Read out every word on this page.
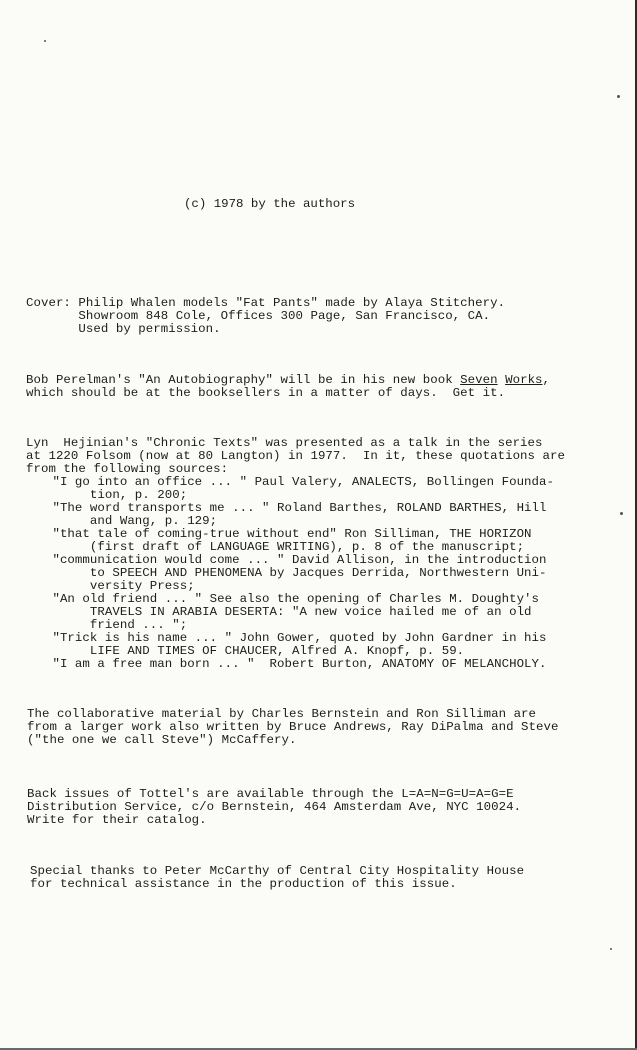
(c) 1978 by the authors
Cover: Philip Whalen models "Fat Pants" made by Alaya Stitchery.
Showroom 848 Cole, Offices 300 Page, San Francisco, CA.
Used by permission.
Bob Perelman's "An Autobiography" will be in his new book Seven Works,
which should be at the booksellers in a matter of days.  Get it.
Lyn  Hejinian's "Chronic Texts" was presented as a talk in the series
at 1220 Folsom (now at 80 Langton) in 1977.  In it, these quotations are
from the following sources:
"I go into an office ... " Paul Valery, ANALECTS, Bollingen Founda-
tion, p. 200;
"The word transports me ... " Roland Barthes, ROLAND BARTHES, Hill
and Wang, p. 129;
"that tale of coming-true without end" Ron Silliman, THE HORIZON
(first draft of LANGUAGE WRITING), p. 8 of the manuscript;
"communication would come ... " David Allison, in the introduction
to SPEECH AND PHENOMENA by Jacques Derrida, Northwestern Uni-
versity Press;
"An old friend ... " See also the opening of Charles M. Doughty's
TRAVELS IN ARABIA DESERTA: "A new voice hailed me of an old
friend ... ";
"Trick is his name ... " John Gower, quoted by John Gardner in his
LIFE AND TIMES OF CHAUCER, Alfred A. Knopf, p. 59.
"I am a free man born ... "  Robert Burton, ANATOMY OF MELANCHOLY.
The collaborative material by Charles Bernstein and Ron Silliman are
from a larger work also written by Bruce Andrews, Ray DiPalma and Steve
("the one we call Steve") McCaffery.
Back issues of Tottel's are available through the L=A=N=G=U=A=G=E
Distribution Service, c/o Bernstein, 464 Amsterdam Ave, NYC 10024.
Write for their catalog.
Special thanks to Peter McCarthy of Central City Hospitality House
for technical assistance in the production of this issue.
